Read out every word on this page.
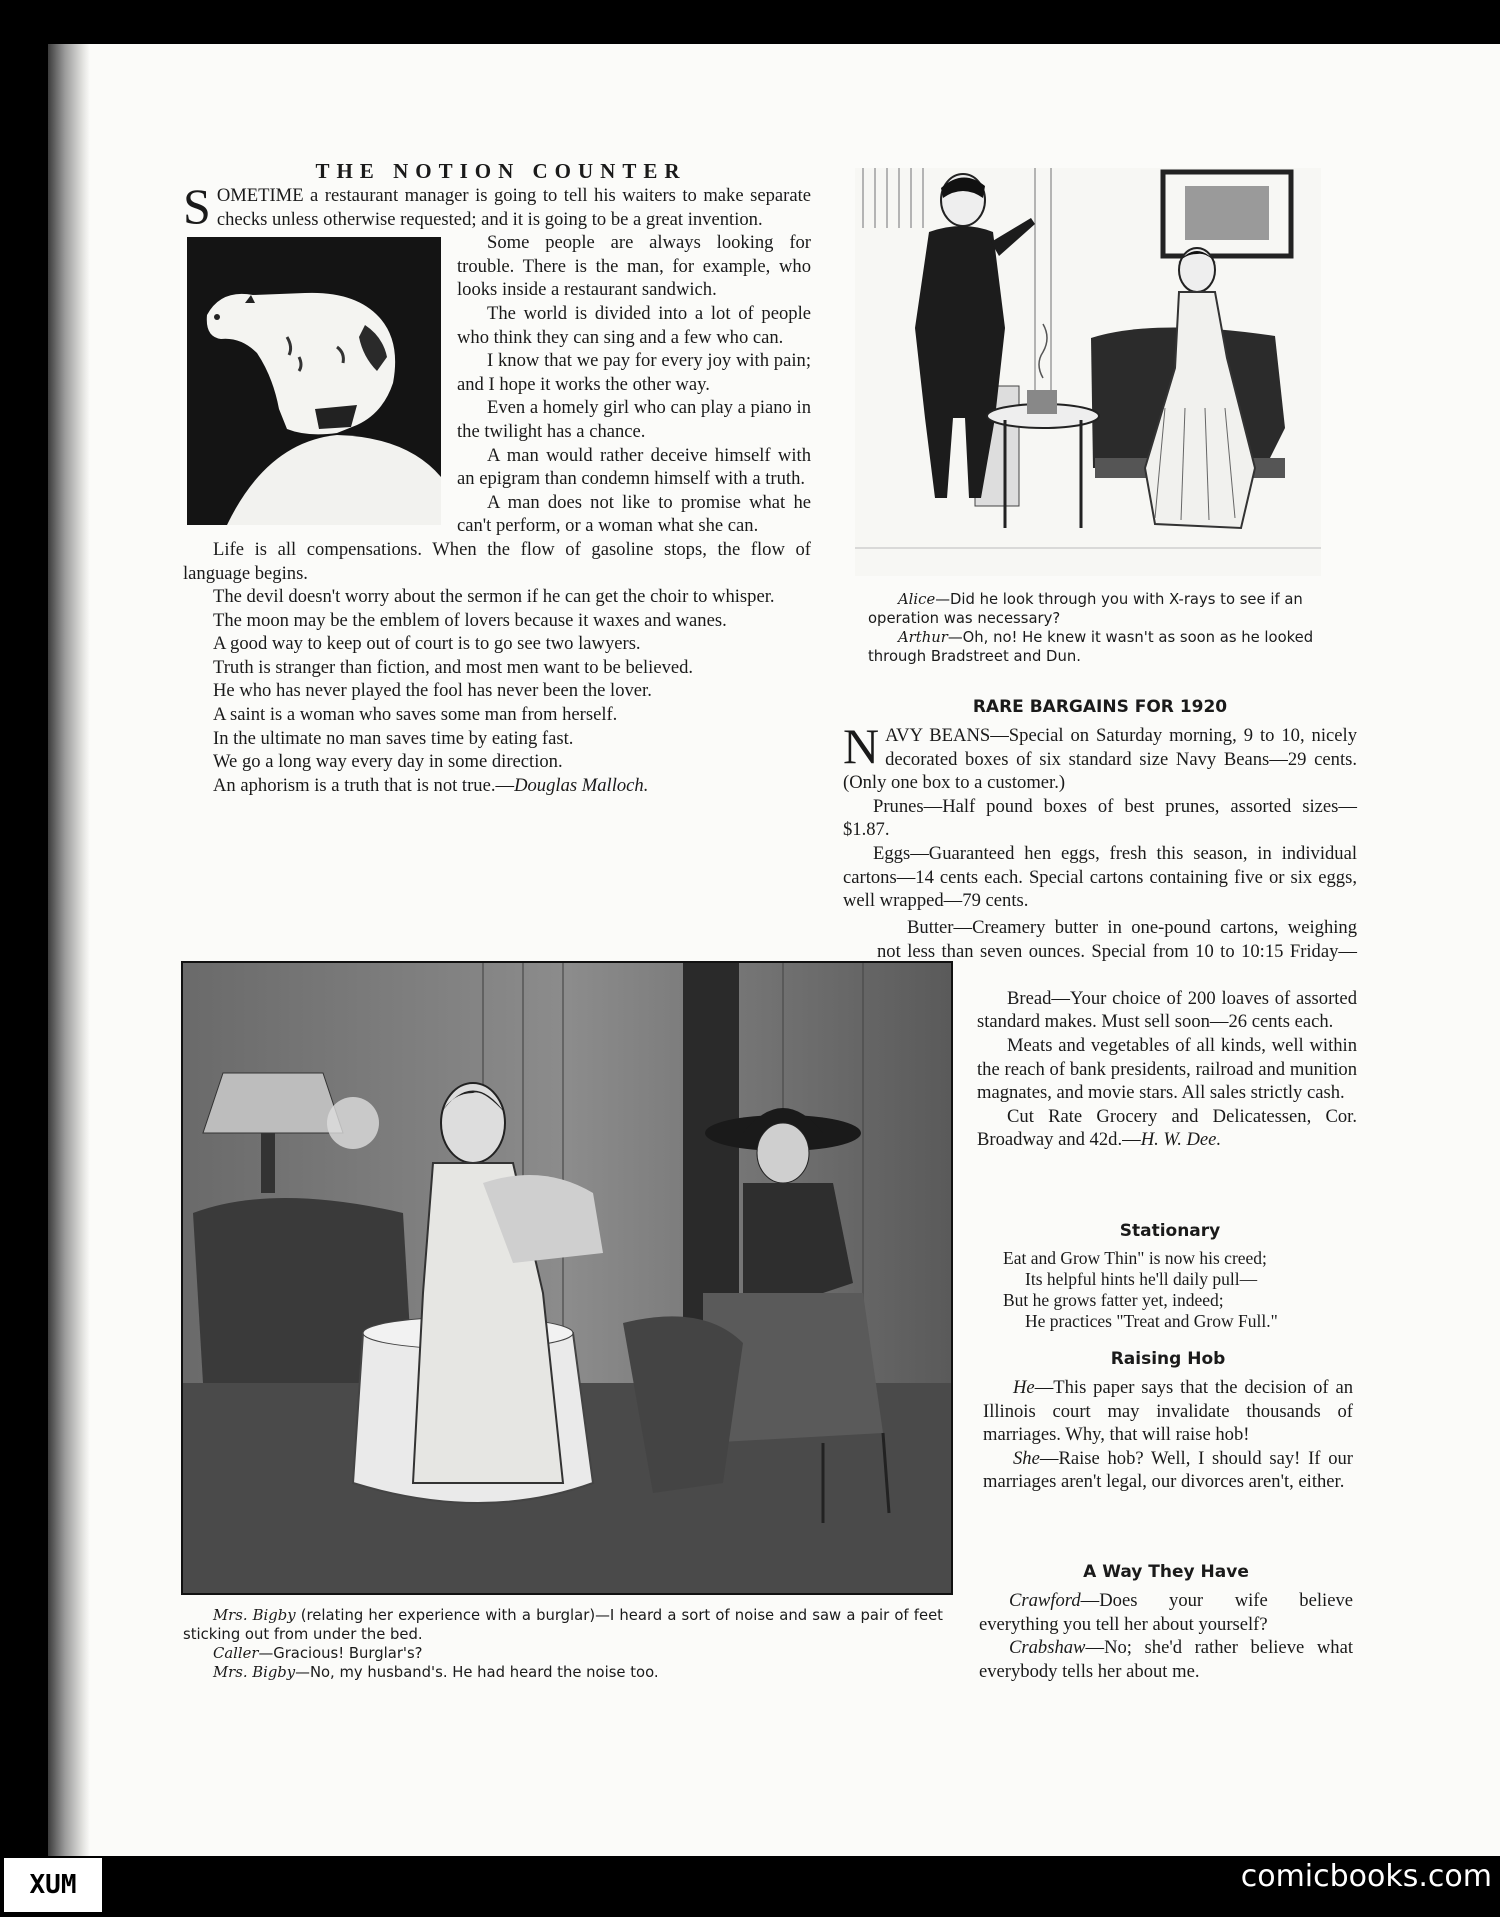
THE NOTION COUNTER

SOMETIME a restaurant manager is going to tell his waiters to make separate checks unless otherwise requested; and it is going to be a great invention.

Some people are always looking for trouble. There is the man, for example, who looks inside a restaurant sandwich.

The world is divided into a lot of people who think they can sing and a few who can.

I know that we pay for every joy with pain; and I hope it works the other way.

Even a homely girl who can play a piano in the twilight has a chance.

A man would rather deceive himself with an epigram than condemn himself with a truth.

A man does not like to promise what he can't perform, or a woman what she can.

Life is all compensations. When the flow of gasoline stops, the flow of language begins.

The devil doesn't worry about the sermon if he can get the choir to whisper.

The moon may be the emblem of lovers because it waxes and wanes.

A good way to keep out of court is to go see two lawyers.

Truth is stranger than fiction, and most men want to be believed.

He who has never played the fool has never been the lover.

A saint is a woman who saves some man from herself.

In the ultimate no man saves time by eating fast.

We go a long way every day in some direction.

An aphorism is a truth that is not true.—Douglas Malloch.

Alice—Did he look through you with X-rays to see if an operation was necessary?

Arthur—Oh, no! He knew it wasn't as soon as he looked through Bradstreet and Dun.

RARE BARGAINS FOR 1920

NAVY BEANS—Special on Saturday morning, 9 to 10, nicely decorated boxes of six standard size Navy Beans—29 cents. (Only one box to a customer.)

Prunes—Half pound boxes of best prunes, assorted sizes—$1.87.

Eggs—Guaranteed hen eggs, fresh this season, in individual cartons—14 cents each. Special cartons containing five or six eggs, well wrapped—79 cents.

Butter—Creamery butter in one-pound cartons, weighing not less than seven ounces. Special from 10 to 10:15 Friday—

Bread—Your choice of 200 loaves of assorted standard makes. Must sell soon—26 cents each.

Meats and vegetables of all kinds, well within the reach of bank presidents, railroad and munition magnates, and movie stars. All sales strictly cash.

Cut Rate Grocery and Delicatessen, Cor. Broadway and 42d.—H. W. Dee.

Stationary
Eat and Grow Thin" is now his creed;
Its helpful hints he'll daily pull—
But he grows fatter yet, indeed;
He practices "Treat and Grow Full."
Raising Hob

He—This paper says that the decision of an Illinois court may invalidate thousands of marriages. Why, that will raise hob!

She—Raise hob? Well, I should say! If our marriages aren't legal, our divorces aren't, either.

A Way They Have

Crawford—Does your wife believe everything you tell her about yourself?

Crabshaw—No; she'd rather believe what everybody tells her about me.

Mrs. Bigby (relating her experience with a burglar)—I heard a sort of noise and saw a pair of feet sticking out from under the bed.

Caller—Gracious! Burglar's?

Mrs. Bigby—No, my husband's. He had heard the noise too.

XUM	comicbooks.com
